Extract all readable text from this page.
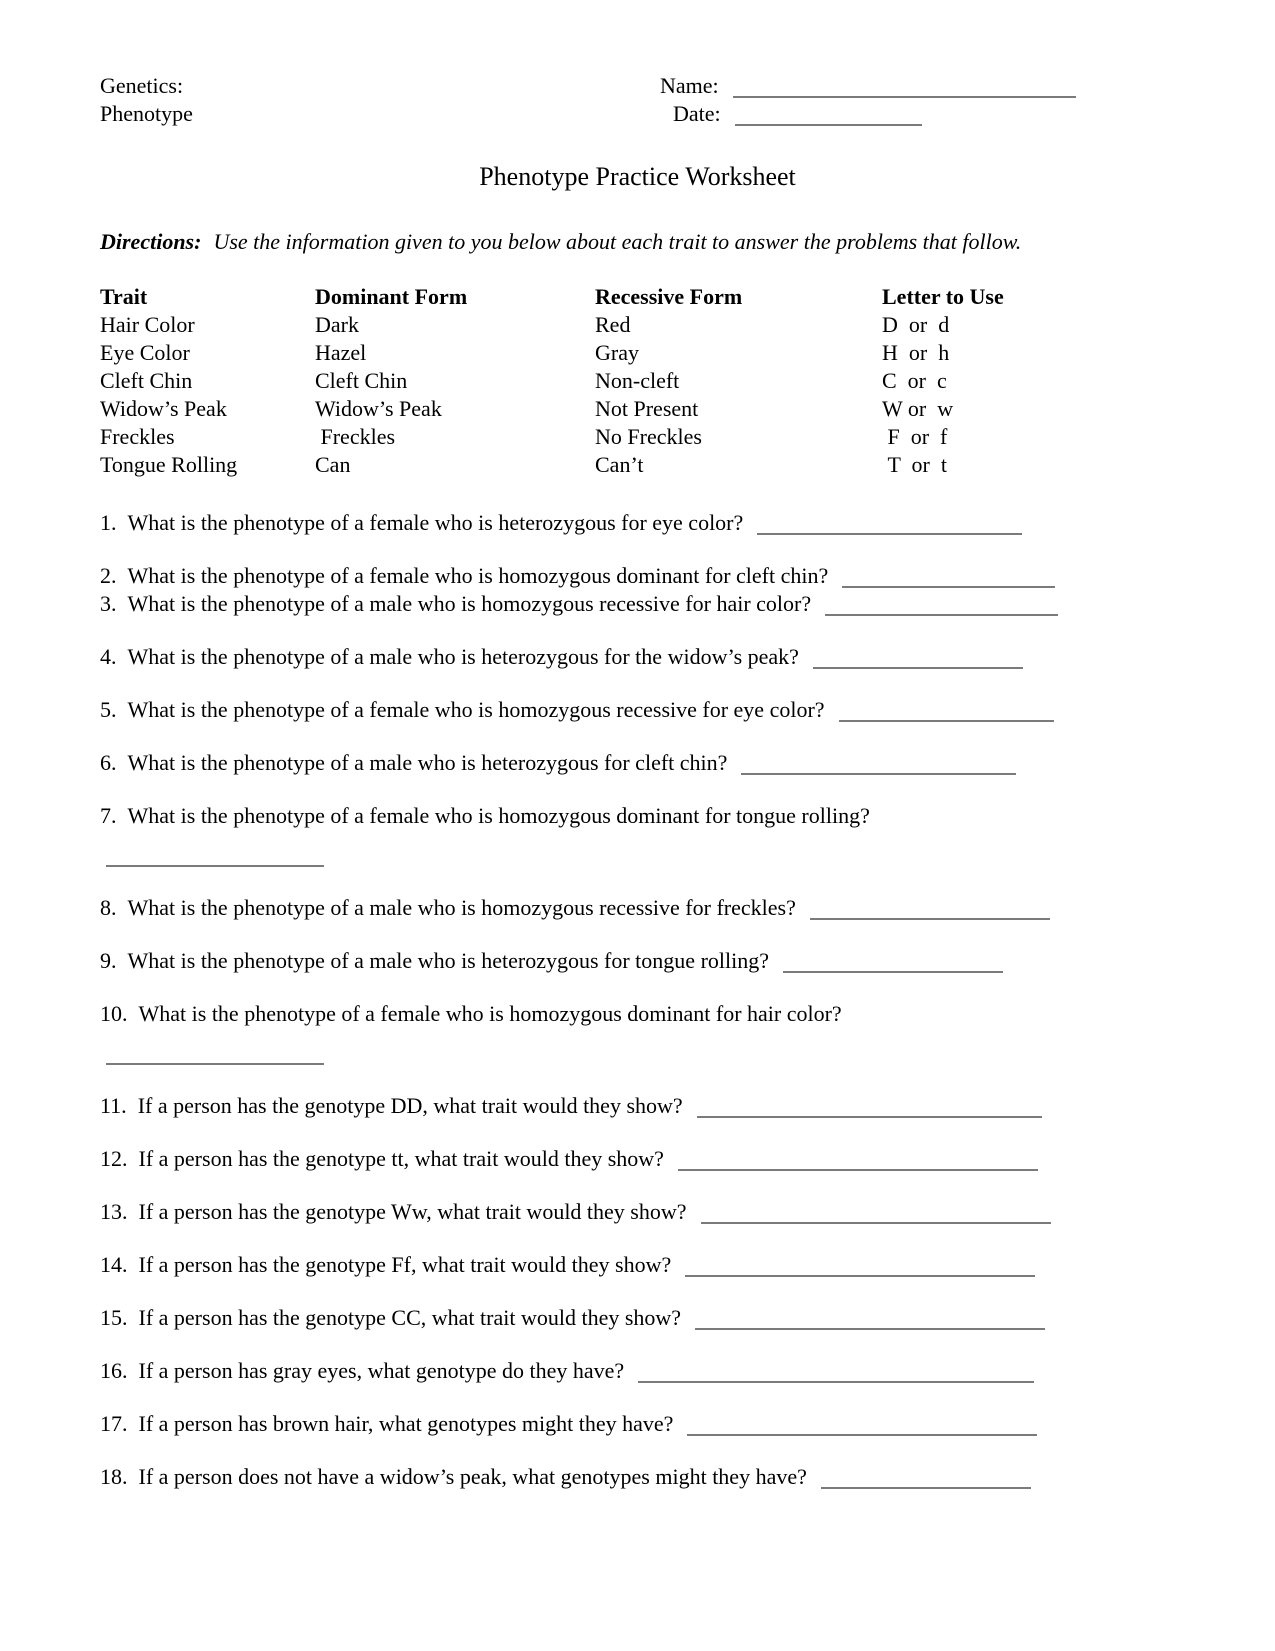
Genetics:
Phenotype
Name:
Date:
Phenotype Practice Worksheet

Directions: Use the information given to you below about each trait to answer the problems that follow.

Trait	Dominant Form	Recessive Form	Letter to Use
Hair Color	Dark	Red	D  or  d
Eye Color	Hazel	Gray	H  or  h
Cleft Chin	Cleft Chin	Non-cleft	C  or  c
Widow’s Peak	Widow’s Peak	Not Present	W or  w
Freckles	Freckles	No Freckles	F  or  f
Tongue Rolling	Can	Can’t	T  or  t
1. What is the phenotype of a female who is heterozygous for eye color?
2. What is the phenotype of a female who is homozygous dominant for cleft chin?
3. What is the phenotype of a male who is homozygous recessive for hair color?
4. What is the phenotype of a male who is heterozygous for the widow’s peak?
5. What is the phenotype of a female who is homozygous recessive for eye color?
6. What is the phenotype of a male who is heterozygous for cleft chin?
7. What is the phenotype of a female who is homozygous dominant for tongue rolling?
8. What is the phenotype of a male who is homozygous recessive for freckles?
9. What is the phenotype of a male who is heterozygous for tongue rolling?
10. What is the phenotype of a female who is homozygous dominant for hair color?
11. If a person has the genotype DD, what trait would they show?
12. If a person has the genotype tt, what trait would they show?
13. If a person has the genotype Ww, what trait would they show?
14. If a person has the genotype Ff, what trait would they show?
15. If a person has the genotype CC, what trait would they show?
16. If a person has gray eyes, what genotype do they have?
17. If a person has brown hair, what genotypes might they have?
18. If a person does not have a widow’s peak, what genotypes might they have?
